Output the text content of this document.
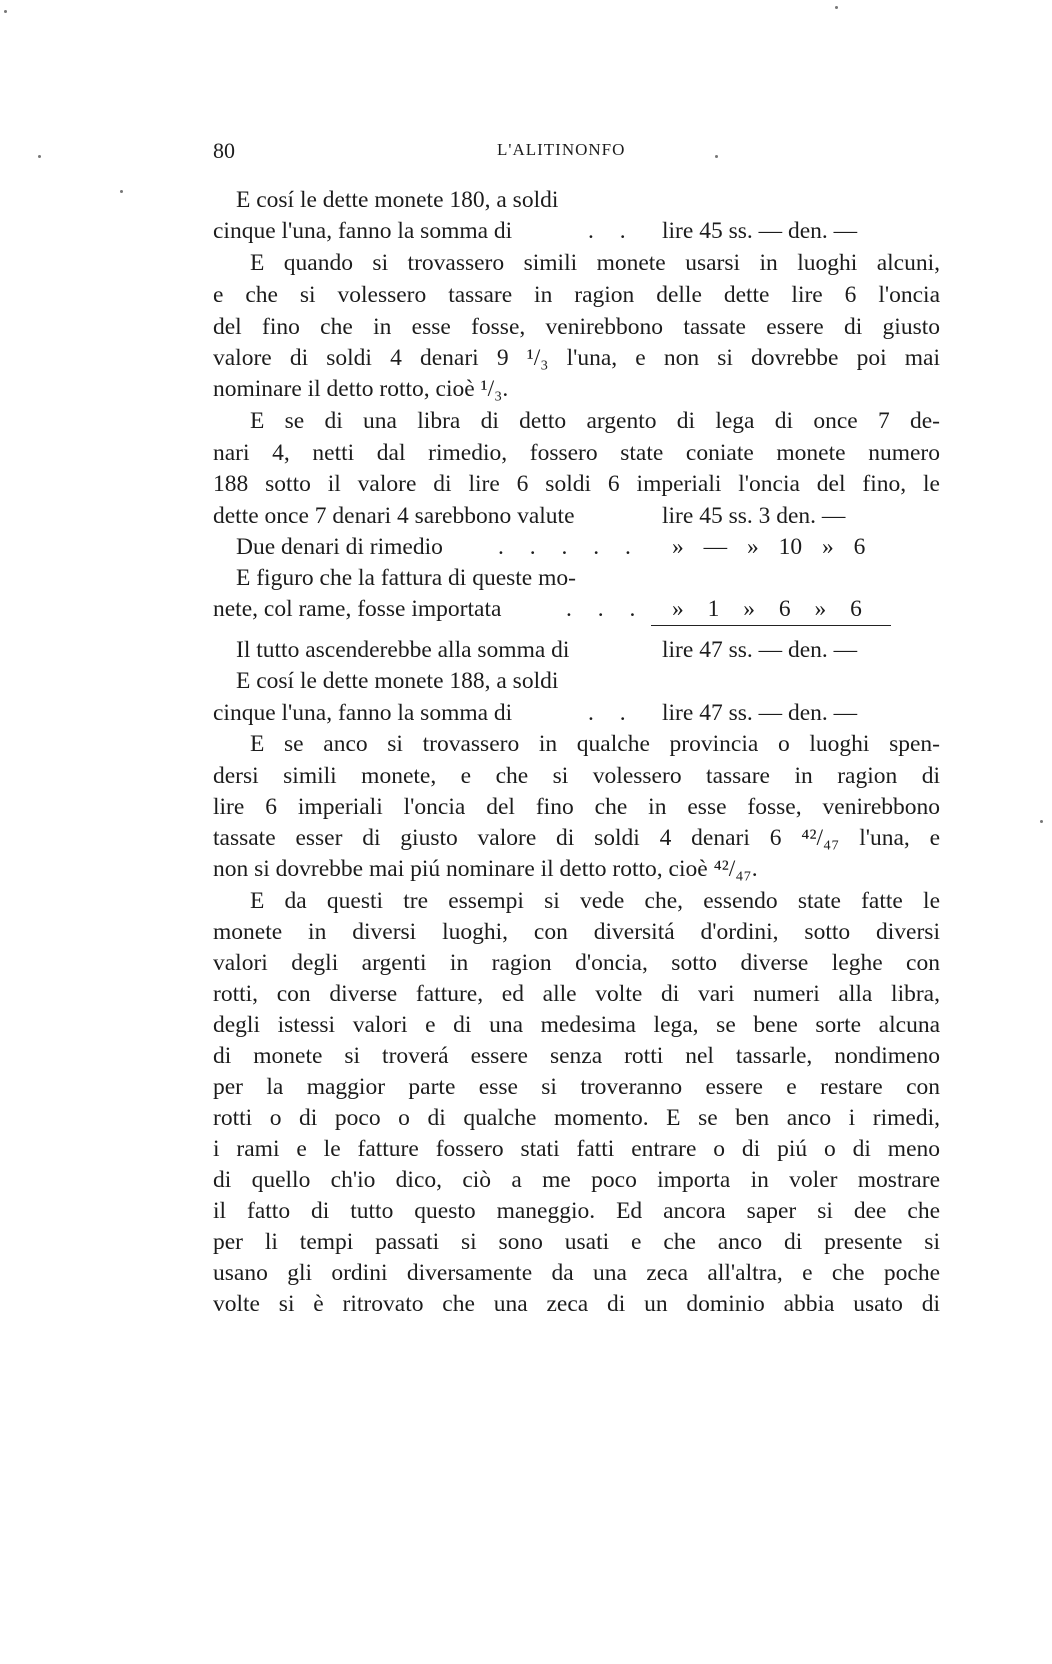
80	L'ALITINONFO
E cosí le dette monete 180, a soldi
cinque l'una, fanno la somma di	. . lire 45 ss. — den. —
E quando si trovassero simili monete usarsi in luoghi alcuni,
e che si volessero tassare in ragion delle dette lire 6 l'oncia
del fino che in esse fosse, venirebbono tassate essere di giusto
valore di soldi 4 denari 9 ¹/₃ l'una, e non si dovrebbe poi mai
nominare il detto rotto, cioè ¹/₃.
E se di una libra di detto argento di lega di once 7 de-
nari 4, netti dal rimedio, fossero state coniate monete numero
188 sotto il valore di lire 6 soldi 6 imperiali l'oncia del fino, le
dette once 7 denari 4 sarebbono valute	lire 45 ss. 3 den. —
Due denari di rimedio . . . . . » — » 10 » 6
E figuro che la fattura di queste mo-
nete, col rame, fosse importata	. . . » 1 » 6 » 6
Il tutto ascenderebbe alla somma di	lire 47 ss. — den. —
E cosí le dette monete 188, a soldi
cinque l'una, fanno la somma di	. . lire 47 ss. — den. —
E se anco si trovassero in qualche provincia o luoghi spen-
dersi simili monete, e che si volessero tassare in ragion di
lire 6 imperiali l'oncia del fino che in esse fosse, venirebbono
tassate esser di giusto valore di soldi 4 denari 6 ⁴²/₄₇ l'una, e
non si dovrebbe mai piú nominare il detto rotto, cioè ⁴²/₄₇.
E da questi tre essempi si vede che, essendo state fatte le
monete in diversi luoghi, con diversitá d'ordini, sotto diversi
valori degli argenti in ragion d'oncia, sotto diverse leghe con
rotti, con diverse fatture, ed alle volte di vari numeri alla libra,
degli istessi valori e di una medesima lega, se bene sorte alcuna
di monete si troverá essere senza rotti nel tassarle, nondimeno
per la maggior parte esse si troveranno essere e restare con
rotti o di poco o di qualche momento. E se ben anco i rimedi,
i rami e le fatture fossero stati fatti entrare o di piú o di meno
di quello ch'io dico, ciò a me poco importa in voler mostrare
il fatto di tutto questo maneggio. Ed ancora saper si dee che
per li tempi passati si sono usati e che anco di presente si
usano gli ordini diversamente da una zeca all'altra, e che poche
volte si è ritrovato che una zeca di un dominio abbia usato di
